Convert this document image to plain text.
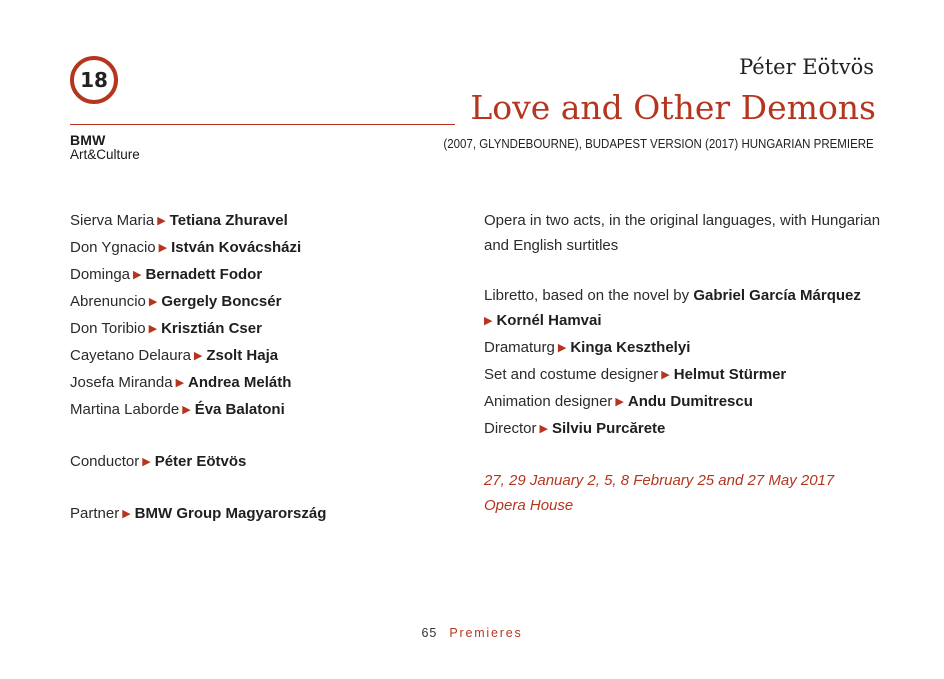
18
BMW
Art&Culture
Péter Eötvös
Love and Other Demons
(2007, GLYNDEBOURNE), BUDAPEST VERSION (2017) HUNGARIAN PREMIERE
Sierva Maria ▶ Tetiana Zhuravel
Don Ygnacio ▶ István Kovácsházi
Dominga ▶ Bernadett Fodor
Abrenuncio ▶ Gergely Boncsér
Don Toribio ▶ Krisztián Cser
Cayetano Delaura ▶ Zsolt Haja
Josefa Miranda ▶ Andrea Meláth
Martina Laborde ▶ Éva Balatoni
Conductor ▶ Péter Eötvös
Partner ▶ BMW Group Magyarország
Opera in two acts, in the original languages, with Hungarian
and English surtitles
Libretto, based on the novel by Gabriel García Márquez
▶ Kornél Hamvai
Dramaturg ▶ Kinga Keszthelyi
Set and costume designer ▶ Helmut Stürmer
Animation designer ▶ Andu Dumitrescu
Director ▶ Silviu Purcărete
27, 29 January 2, 5, 8 February 25 and 27 May 2017
Opera House
65 Premieres
